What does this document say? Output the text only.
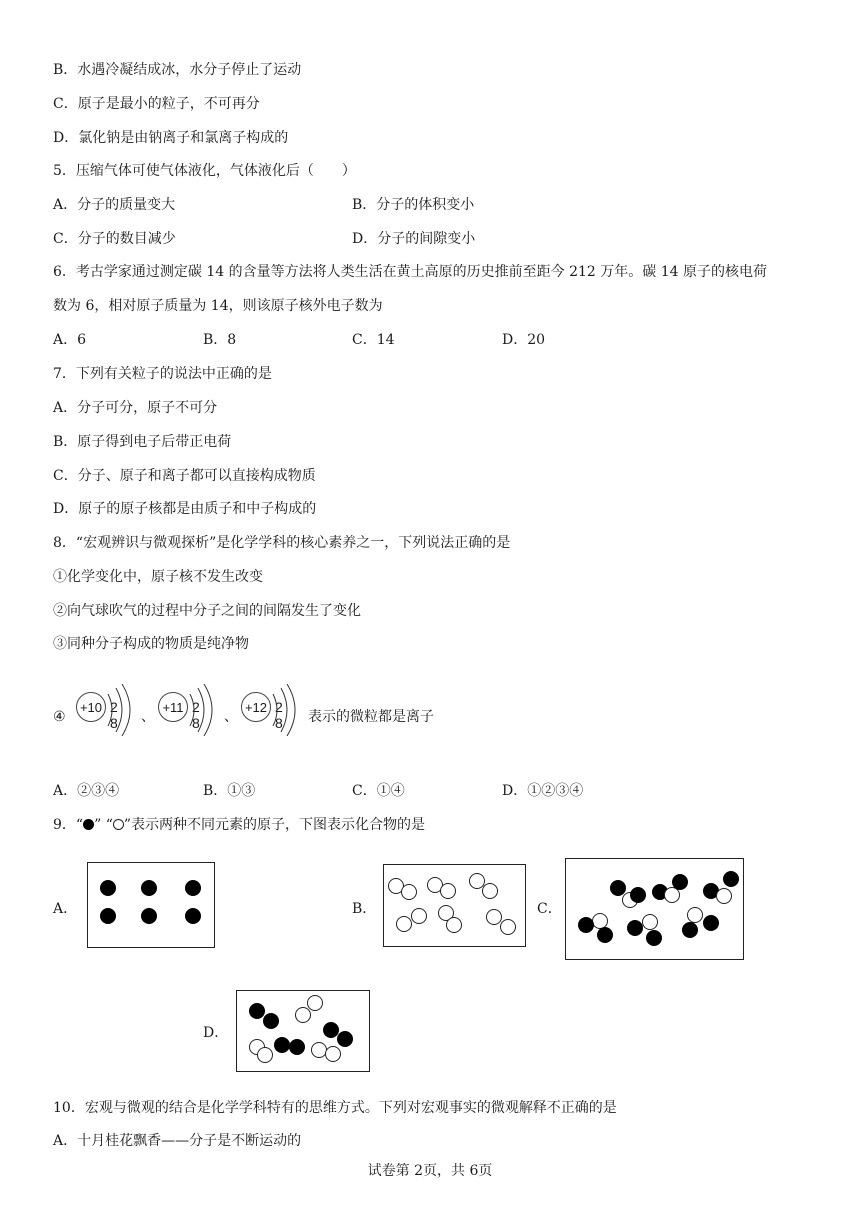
B．水遇冷凝结成冰，水分子停止了运动
C．原子是最小的粒子，不可再分
D．氯化钠是由钠离子和氯离子构成的
5．压缩气体可使气体液化，气体液化后（　　）
A．分子的质量变大	B．分子的体积变小
C．分子的数目减少	D．分子的间隙变小
6．考古学家通过测定碳 14 的含量等方法将人类生活在黄土高原的历史推前至距今 212 万年。碳 14 原子的核电荷
数为 6，相对原子质量为 14，则该原子核外电子数为
A．6	B．8	C．14	D．20
7．下列有关粒子的说法中正确的是
A．分子可分，原子不可分
B．原子得到电子后带正电荷
C．分子、原子和离子都可以直接构成物质
D．原子的原子核都是由质子和中子构成的
8．“宏观辨识与微观探析”是化学学科的核心素养之一，下列说法正确的是
①化学变化中，原子核不发生改变
②向气球吹气的过程中分子之间的间隔发生了变化
③同种分子构成的物质是纯净物
④
+10 2 8 、
+11 2 8 、
+12 2 8 表示的微粒都是离子
A．②③④	B．①③	C．①④	D．①②③④
9．“ ” “ ”表示两种不同元素的原子，下图表示化合物的是
A．	B．	C．
D．
10．宏观与微观的结合是化学学科特有的思维方式。下列对宏观事实的微观解释不正确的是
A．十月桂花飘香——分子是不断运动的
试卷第 2页，共 6页
